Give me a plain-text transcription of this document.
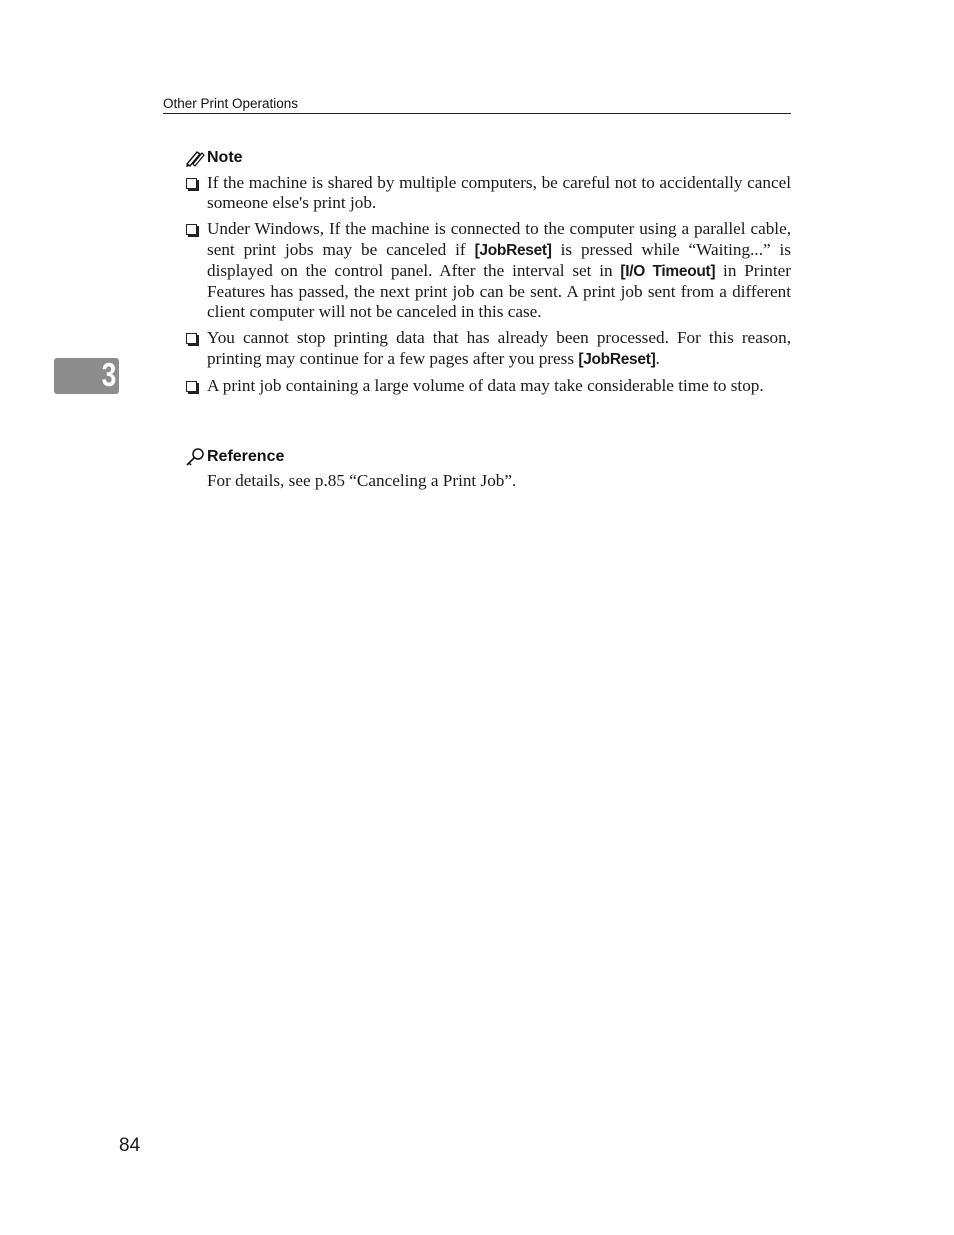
Other Print Operations
3
Note
If the machine is shared by multiple computers, be careful not to accidentally cancel someone else's print job.
Under Windows, If the machine is connected to the computer using a parallel cable, sent print jobs may be canceled if [JobReset] is pressed while “Waiting...” is displayed on the control panel. After the interval set in [I/O Timeout] in Printer Features has passed, the next print job can be sent. A print job sent from a different client computer will not be canceled in this case.
You cannot stop printing data that has already been processed. For this reason, printing may continue for a few pages after you press [JobReset].
A print job containing a large volume of data may take considerable time to stop.
Reference
For details, see p.85 “Canceling a Print Job”.
84
